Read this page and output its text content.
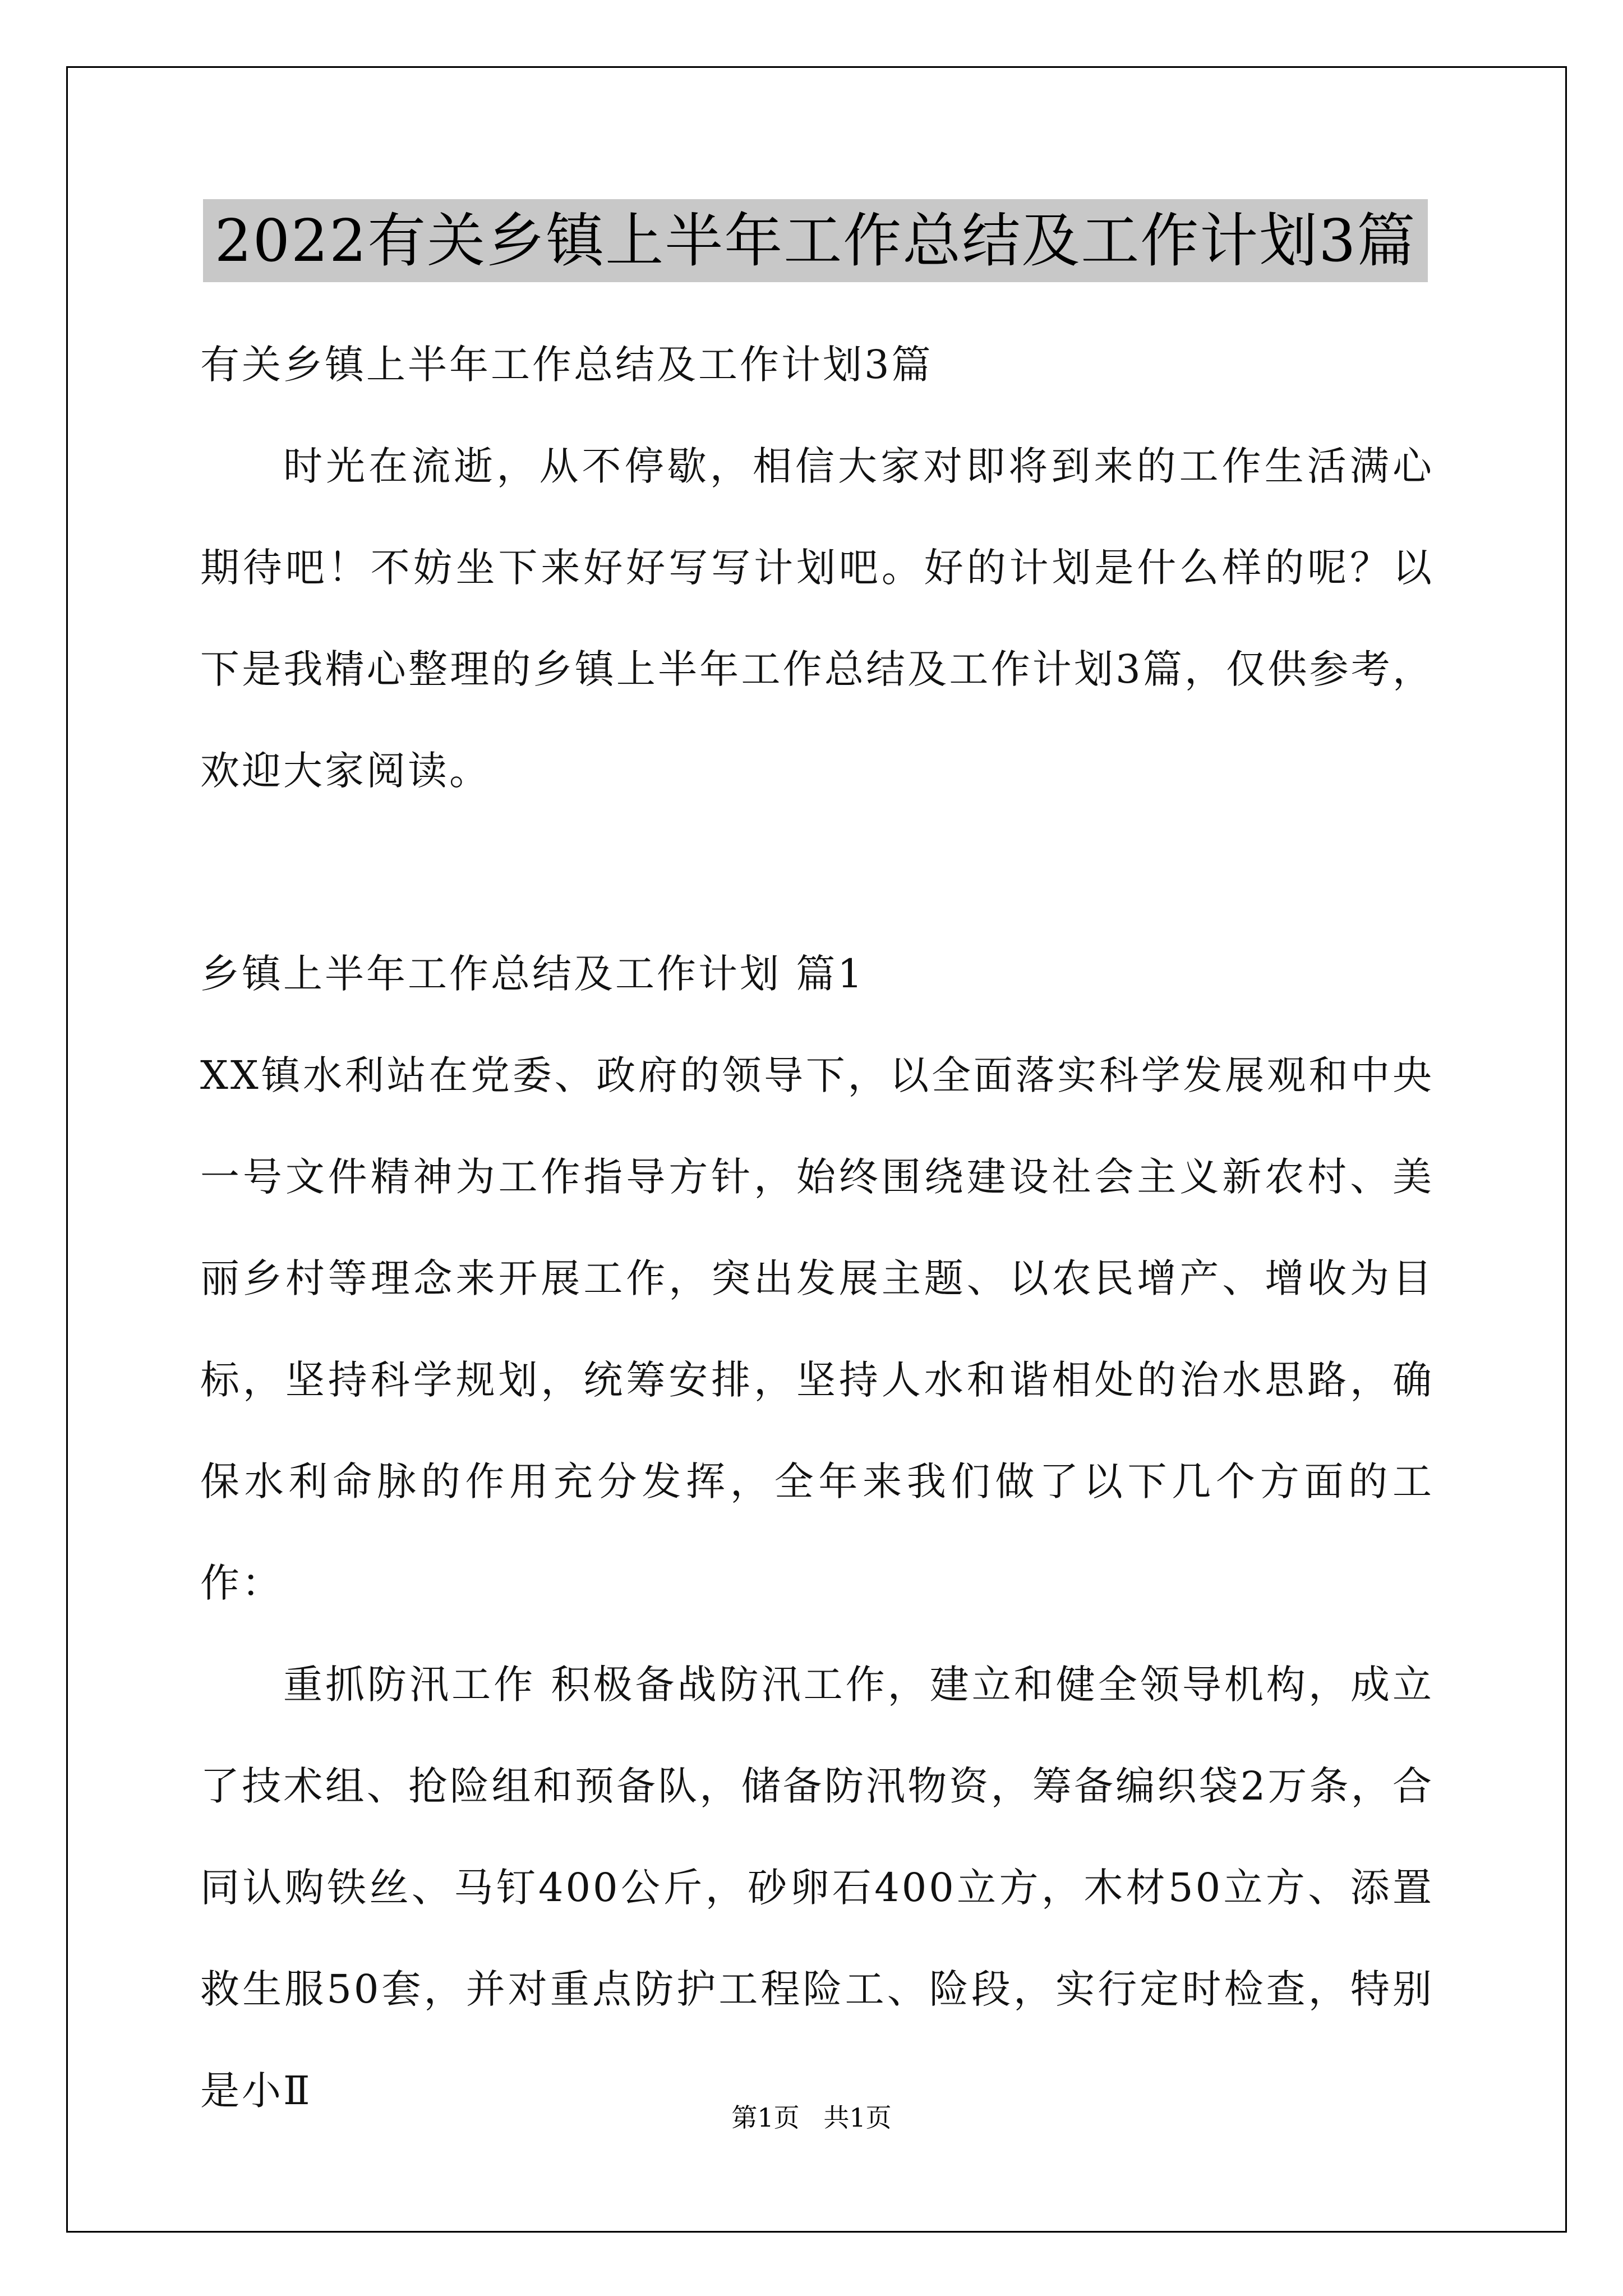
2022有关乡镇上半年工作总结及工作计划3篇

有关乡镇上半年工作总结及工作计划3篇

时光在流逝，从不停歇，相信大家对即将到来的工作生活满心期待吧！不妨坐下来好好写写计划吧。好的计划是什么样的呢？以下是我精心整理的乡镇上半年工作总结及工作计划3篇，仅供参考，欢迎大家阅读。

乡镇上半年工作总结及工作计划 篇1

XX镇水利站在党委、政府的领导下，以全面落实科学发展观和中央一号文件精神为工作指导方针，始终围绕建设社会主义新农村、美丽乡村等理念来开展工作，突出发展主题、以农民增产、增收为目标，坚持科学规划，统筹安排，坚持人水和谐相处的治水思路，确保水利命脉的作用充分发挥，全年来我们做了以下几个方面的工作：

重抓防汛工作 积极备战防汛工作，建立和健全领导机构，成立了技术组、抢险组和预备队，储备防汛物资，筹备编织袋2万条，合同认购铁丝、马钉400公斤，砂卵石400立方，木材50立方、添置救生服50套，并对重点防护工程险工、险段，实行定时检查，特别是小Ⅱ

第1页 共1页
